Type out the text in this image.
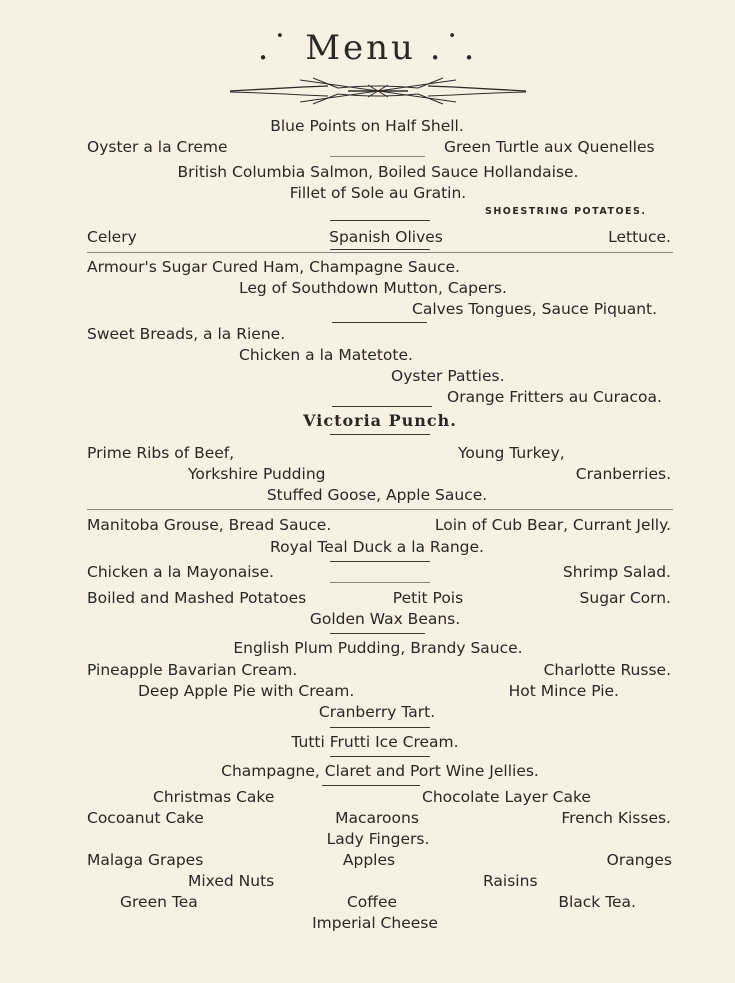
.˙ Menu .˙.
Blue Points on Half Shell.
Oyster a la Creme	Green Turtle aux Quenelles
British Columbia Salmon, Boiled Sauce Hollandaise.
Fillet of Sole au Gratin.
SHOESTRING POTATOES.
Celery	Spanish Olives	Lettuce.
Armour's Sugar Cured Ham, Champagne Sauce.
Leg of Southdown Mutton, Capers.
Calves Tongues, Sauce Piquant.
Sweet Breads, a la Riene.
Chicken a la Matetote.
Oyster Patties.
Orange Fritters au Curacoa.
Victoria Punch.
Prime Ribs of Beef,	Young Turkey,
Yorkshire Pudding	Cranberries.
Stuffed Goose, Apple Sauce.
Manitoba Grouse, Bread Sauce.	Loin of Cub Bear, Currant Jelly.
Royal Teal Duck a la Range.
Chicken a la Mayonaise.	Shrimp Salad.
Boiled and Mashed Potatoes	Petit Pois	Sugar Corn.
Golden Wax Beans.
English Plum Pudding, Brandy Sauce.
Pineapple Bavarian Cream.	Charlotte Russe.
Deep Apple Pie with Cream.	Hot Mince Pie.
Cranberry Tart.
Tutti Frutti Ice Cream.
Champagne, Claret and Port Wine Jellies.
Christmas Cake	Chocolate Layer Cake
Cocoanut Cake	Macaroons	French Kisses.
Lady Fingers.
Malaga Grapes	Apples	Oranges
Mixed Nuts	Raisins
Green Tea	Coffee	Black Tea.
Imperial Cheese
